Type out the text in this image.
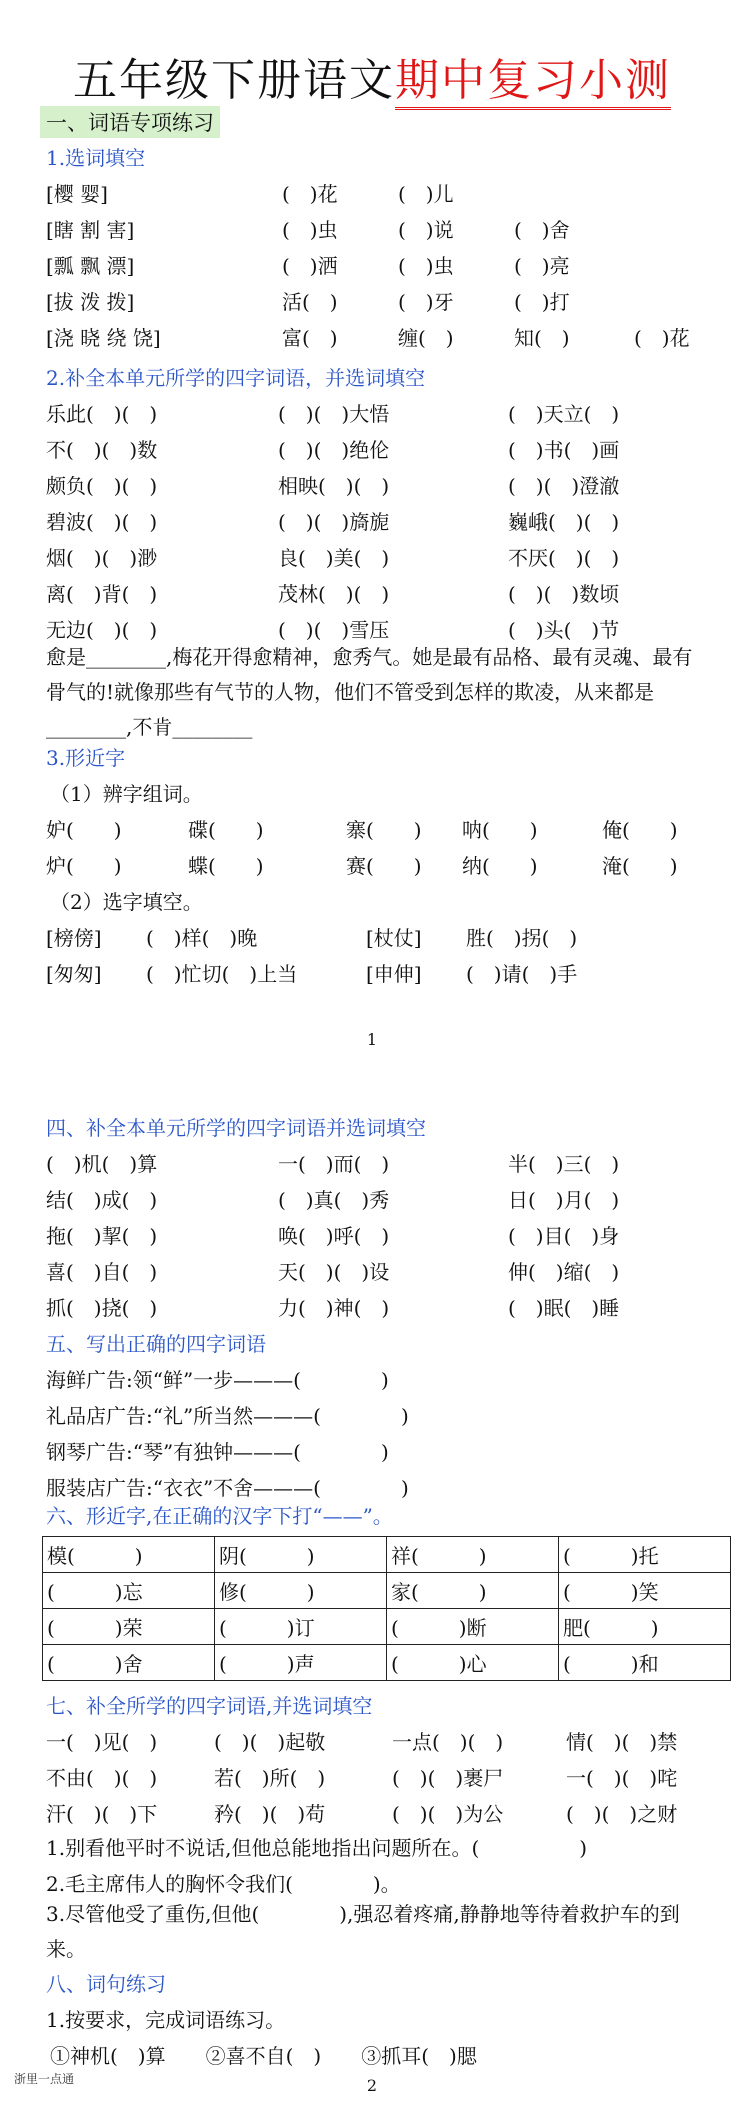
五年级下册语文期中复习小测
一、词语专项练习
1.选词填空
[樱 婴]	(　)花	(　)儿
[瞎 割 害]	(　)虫	(　)说	(　)舍
[瓢 飘 漂]	(　)洒	(　)虫	(　)亮
[拔 泼 拨]	活(　)	(　)牙	(　)打
[浇 晓 绕 饶]	富(　)	缠(　)	知(　)	(　)花
2.补全本单元所学的四字词语，并选词填空
乐此(　)(　)	(　)(　)大悟	(　)天立(　)
不(　)(　)数	(　)(　)绝伦	(　)书(　)画
颇负(　)(　)	相映(　)(　)	(　)(　)澄澈
碧波(　)(　)	(　)(　)旖旎	巍峨(　)(　)
烟(　)(　)渺	良(　)美(　)	不厌(　)(　)
离(　)背(　)	茂林(　)(　)	(　)(　)数顷
无边(　)(　)	(　)(　)雪压	(　)头(　)节
愈是________,梅花开得愈精神，愈秀气。她是最有品格、最有灵魂、最有骨气的!就像那些有气节的人物，他们不管受到怎样的欺凌，从来都是________,不肯________
3.形近字
（1）辨字组词。
妒(　　)	碟(　　)	寨(　　) 呐(　　)	俺(　　)
炉(　　)	蝶(　　)	赛(　　) 纳(　　)	淹(　　)
（2）选字填空。
[榜傍] (　)样(　)晚	[杖仗] 胜(　)拐(　)
[匆匆] (　)忙切(　)上当	[申伸] (　)请(　)手
1
四、补全本单元所学的四字词语并选词填空
(　)机(　)算	一(　)而(　)	半(　)三(　)
结(　)成(　)	(　)真(　)秀	日(　)月(　)
拖(　)挈(　)	唤(　)呼(　)	(　)目(　)身
喜(　)自(　)	天(　)(　)设	伸(　)缩(　)
抓(　)挠(　)	力(　)神(　)	(　)眠(　)睡
五、写出正确的四字词语
海鲜广告:领“鲜”一步———(　　　　)
礼品店广告:“礼”所当然———(　　　　)
钢琴广告:“琴”有独钟———(　　　　)
服装店广告:“衣衣”不舍———(　　　　)
六、形近字,在正确的汉字下打“——”。
模(　　　)	阴(　　　)	祥(　　　)	(　　　)托
(　　　)忘	修(　　　)	家(　　　)	(　　　)笑
(　　　)荣	(　　　)订	(　　　)断	肥(　　　)
(　　　)舍	(　　　)声	(　　　)心	(　　　)和
七、补全所学的四字词语,并选词填空
一(　)见(　)	(　)(　)起敬	一点(　)(　)	情(　)(　)禁
不由(　)(　)	若(　)所(　)	(　)(　)裹尸	一(　)(　)咤
汗(　)(　)下	矜(　)(　)苟	(　)(　)为公	(　)(　)之财
1.别看他平时不说话,但他总能地指出问题所在。(　　　　　)
2.毛主席伟人的胸怀令我们(　　　　)。
3.尽管他受了重伤,但他(　　　　),强忍着疼痛,静静地等待着救护车的到来。
八、词句练习
1.按要求，完成词语练习。
①神机(　)算　　②喜不自(　)　　③抓耳(　)腮
浙里一点通	2
